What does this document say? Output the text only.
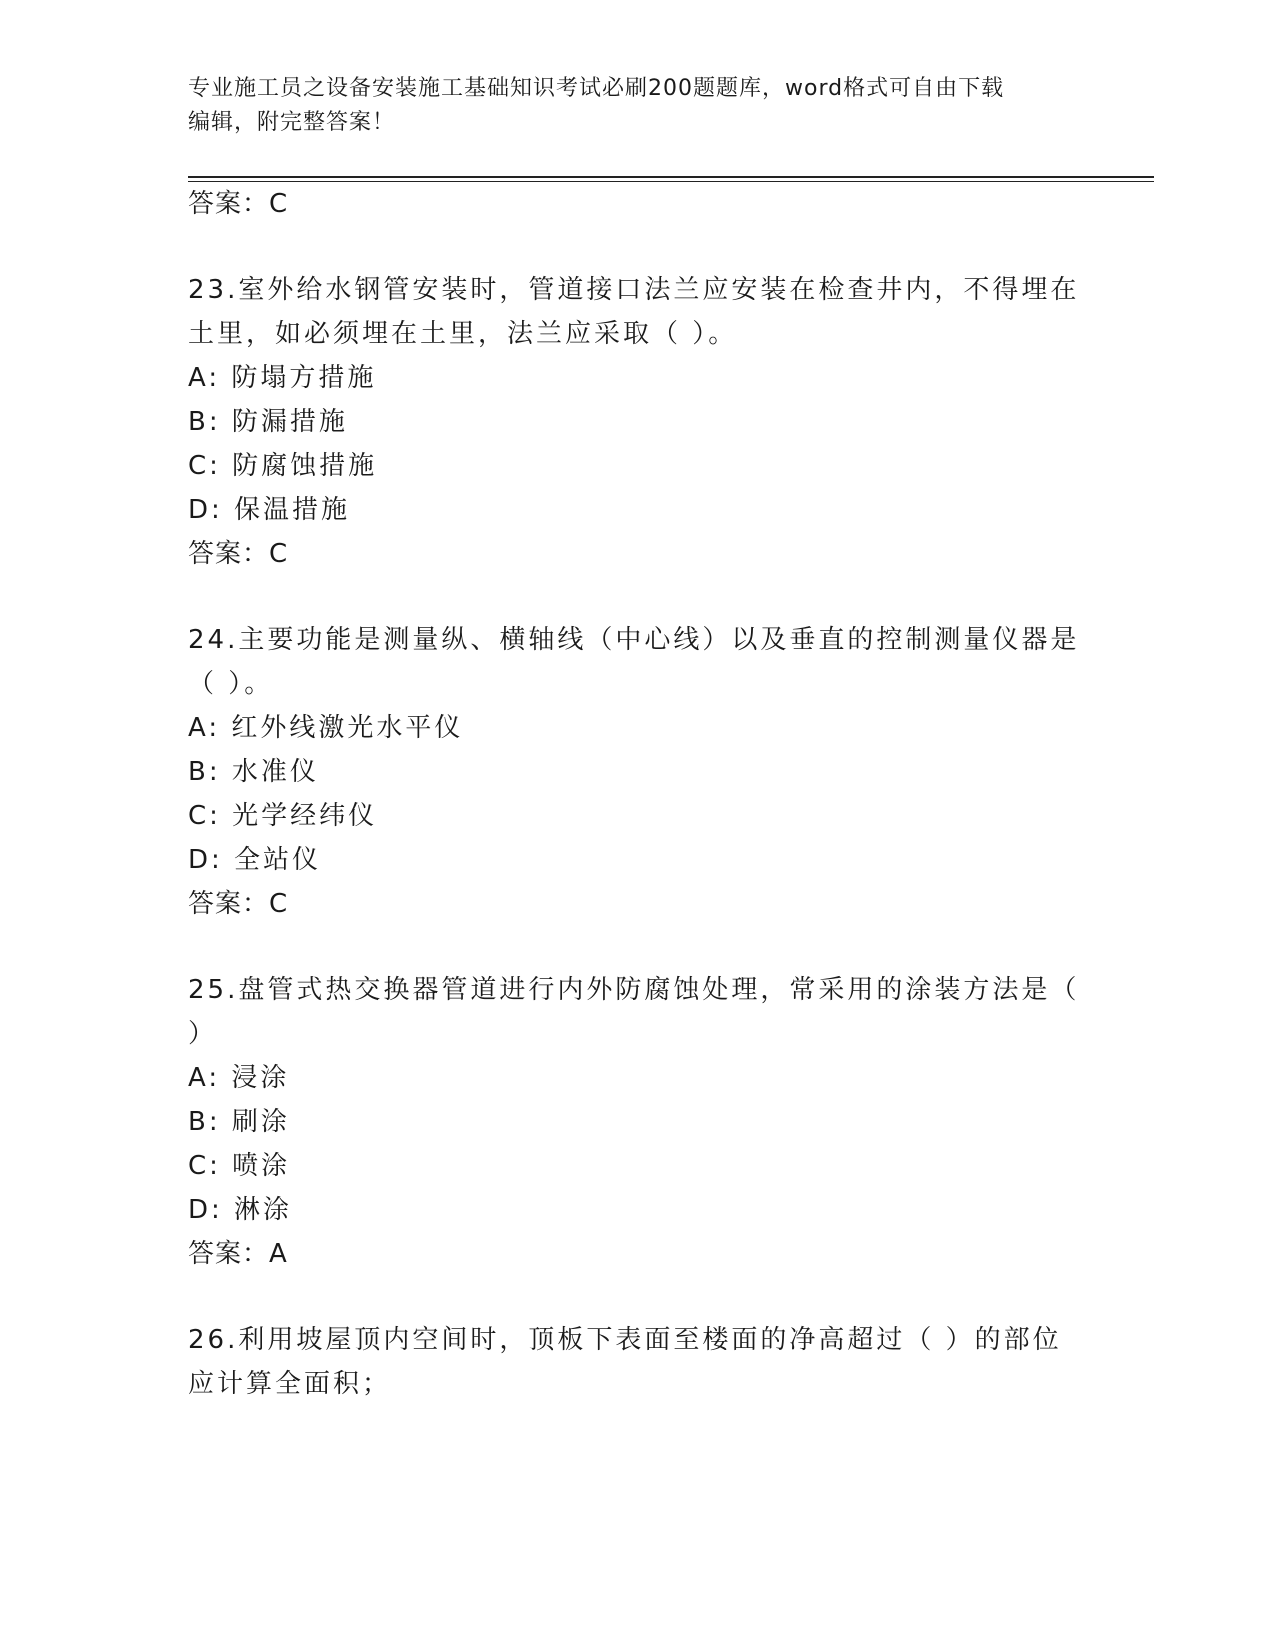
专业施工员之设备安装施工基础知识考试必刷200题题库，word格式可自由下载
编辑，附完整答案！
答案：C
23.室外给水钢管安装时，管道接口法兰应安装在检查井内，不得埋在
土里，如必须埋在土里，法兰应采取（ ）。
A: 防塌方措施
B: 防漏措施
C: 防腐蚀措施
D: 保温措施
答案：C
24.主要功能是测量纵、横轴线（中心线）以及垂直的控制测量仪器是
（ ）。
A: 红外线激光水平仪
B: 水准仪
C: 光学经纬仪
D: 全站仪
答案：C
25.盘管式热交换器管道进行内外防腐蚀处理，常采用的涂装方法是（
）
A: 浸涂
B: 刷涂
C: 喷涂
D: 淋涂
答案：A
26.利用坡屋顶内空间时，顶板下表面至楼面的净高超过（ ）的部位
应计算全面积；
